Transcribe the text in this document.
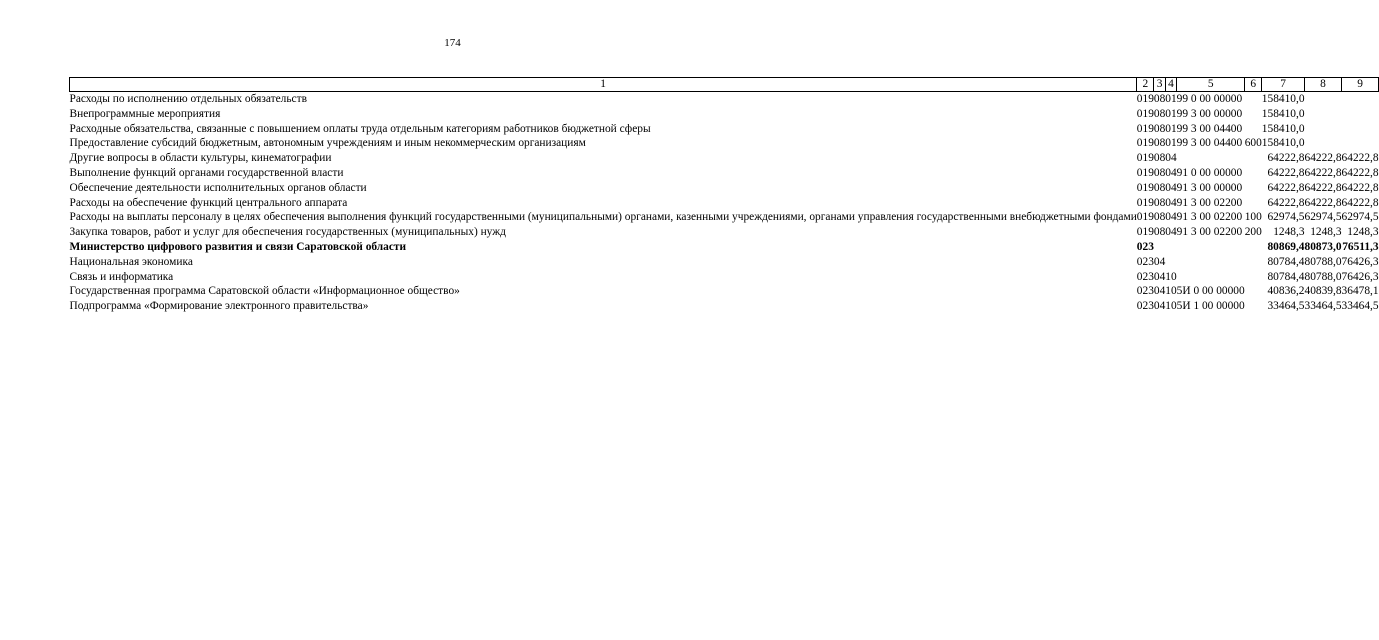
174
1	2	3	4	5	6	7	8	9
Расходы по исполнению отдельных обязательств	019	08	01	99 0 00 00000		158410,0		
Внепрограммные мероприятия	019	08	01	99 3 00 00000		158410,0		
Расходные обязательства, связанные с повышением оплаты труда отдельным категориям работников бюджетной сферы	019	08	01	99 3 00 04400		158410,0		
Предоставление субсидий бюджетным, автономным учреждениям и иным некоммерческим организациям	019	08	01	99 3 00 04400	600	158410,0		
Другие вопросы в области культуры, кинематографии	019	08	04			64222,8	64222,8	64222,8
Выполнение функций органами государственной власти	019	08	04	91 0 00 00000		64222,8	64222,8	64222,8
Обеспечение деятельности исполнительных органов области	019	08	04	91 3 00 00000		64222,8	64222,8	64222,8
Расходы на обеспечение функций центрального аппарата	019	08	04	91 3 00 02200		64222,8	64222,8	64222,8
Расходы на выплаты персоналу в целях обеспечения выполнения функций государственными (муниципальными) органами, казенными учреждениями, органами управления государственными внебюджетными фондами	019	08	04	91 3 00 02200	100	62974,5	62974,5	62974,5
Закупка товаров, работ и услуг для обеспечения государственных (муниципальных) нужд	019	08	04	91 3 00 02200	200	1248,3	1248,3	1248,3
Министерство цифрового развития и связи Саратовской области	023					80869,4	80873,0	76511,3
Национальная экономика	023	04				80784,4	80788,0	76426,3
Связь и информатика	023	04	10			80784,4	80788,0	76426,3
Государственная программа Саратовской области «Информационное общество»	023	04	10	5И 0 00 00000		40836,2	40839,8	36478,1
Подпрограмма «Формирование электронного правительства»	023	04	10	5И 1 00 00000		33464,5	33464,5	33464,5
